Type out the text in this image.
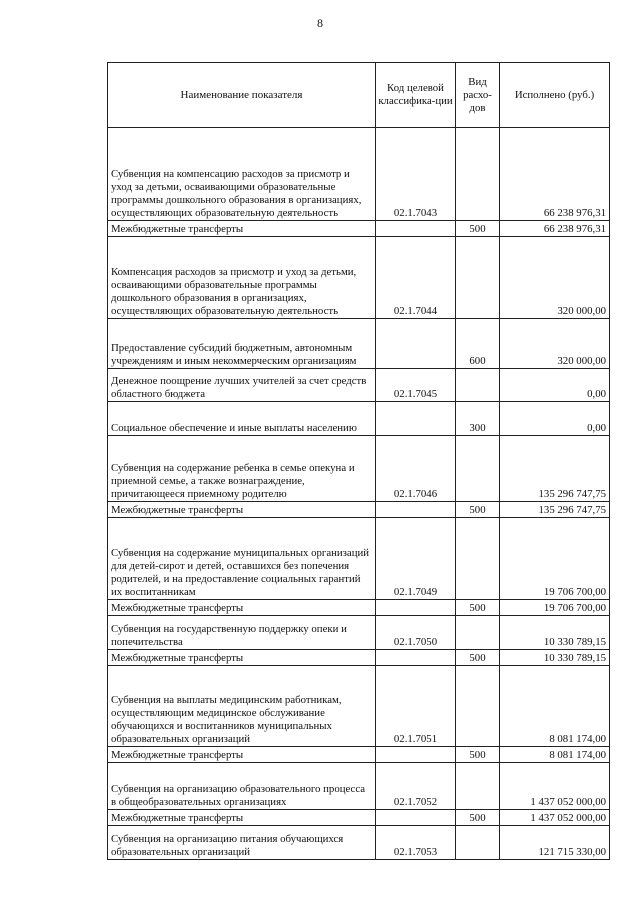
8
Наименование показателя	Код целевой классифика-ции	Вид расхо-дов	Исполнено (руб.)
Субвенция на компенсацию расходов за присмотр и уход за детьми, осваивающими образовательные программы дошкольного образования в организациях, осуществляющих образовательную деятельность	02.1.7043		66 238 976,31
Межбюджетные трансферты		500	66 238 976,31
Компенсация расходов за присмотр и уход за детьми, осваивающими образовательные программы дошкольного образования в организациях, осуществляющих образовательную деятельность	02.1.7044		320 000,00
Предоставление субсидий бюджетным, автономным учреждениям и иным некоммерческим организациям		600	320 000,00
Денежное поощрение лучших учителей за счет средств областного бюджета	02.1.7045		0,00
Социальное обеспечение и иные выплаты населению		300	0,00
Субвенция на содержание ребенка в семье опекуна и приемной семье, а также вознаграждение, причитающееся приемному родителю	02.1.7046		135 296 747,75
Межбюджетные трансферты		500	135 296 747,75
Субвенция на содержание муниципальных организаций для детей-сирот и детей, оставшихся без попечения родителей, и на предоставление социальных гарантий их воспитанникам	02.1.7049		19 706 700,00
Межбюджетные трансферты		500	19 706 700,00
Субвенция на государственную поддержку опеки и попечительства	02.1.7050		10 330 789,15
Межбюджетные трансферты		500	10 330 789,15
Субвенция на выплаты медицинским работникам, осуществляющим медицинское обслуживание обучающихся и воспитанников муниципальных образовательных организаций	02.1.7051		8 081 174,00
Межбюджетные трансферты		500	8 081 174,00
Субвенция на организацию образовательного процесса в общеобразовательных организациях	02.1.7052		1 437 052 000,00
Межбюджетные трансферты		500	1 437 052 000,00
Субвенция на организацию питания обучающихся образовательных организаций	02.1.7053		121 715 330,00
